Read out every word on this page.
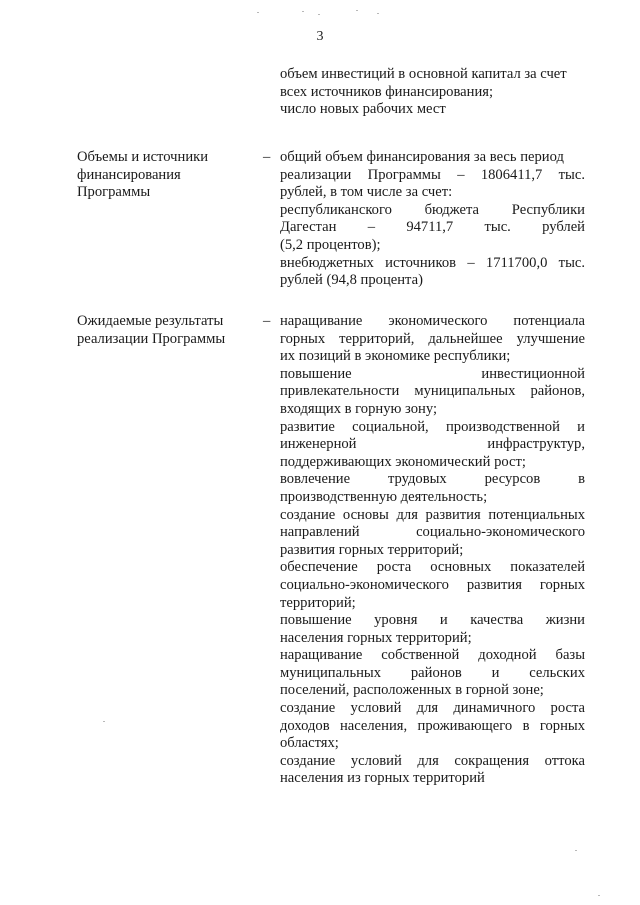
3
объем инвестиций в основной капитал за счет
всех источников финансирования;
число новых рабочих мест
Объемы и источники
финансирования
Программы
– общий объем финансирования за весь период
реализации Программы – 1806411,7 тыс.
рублей, в том числе за счет:
республиканского бюджета Республики
Дагестан – 94711,7 тыс. рублей
(5,2 процентов);
внебюджетных источников – 1711700,0 тыс.
рублей (94,8 процента)
Ожидаемые результаты
реализации Программы
– наращивание экономического потенциала
горных территорий, дальнейшее улучшение
их позиций в экономике республики;
повышение инвестиционной
привлекательности муниципальных районов,
входящих в горную зону;
развитие социальной, производственной и
инженерной инфраструктур,
поддерживающих экономический рост;
вовлечение трудовых ресурсов в
производственную деятельность;
создание основы для развития потенциальных
направлений социально-экономического
развития горных территорий;
обеспечение роста основных показателей
социально-экономического развития горных
территорий;
повышение уровня и качества жизни
населения горных территорий;
наращивание собственной доходной базы
муниципальных районов и сельских
поселений, расположенных в горной зоне;
создание условий для динамичного роста
доходов населения, проживающего в горных
областях;
создание условий для сокращения оттока
населения из горных территорий
